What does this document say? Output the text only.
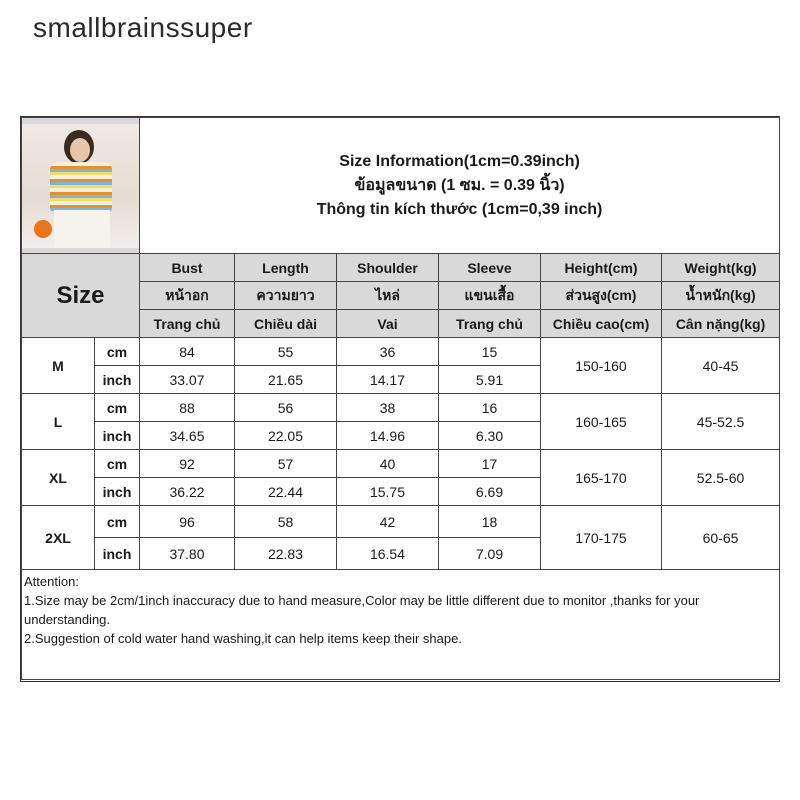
smallbrainssuper

		Size Information(1cm=0.39inch)
ข้อมูลขนาด (1 ซม. = 0.39 นิ้ว)
Thông tin kích thước (1cm=0,39 inch)					

Size		Bust	Length	Shoulder	Sleeve	Height(cm)	Weight(kg)
		หน้าอก	ความยาว	ไหล่	แขนเสื้อ	ส่วนสูง(cm)	น้ำหนัก(kg)
		Trang chủ	Chiều dài	Vai	Trang chủ	Chiều cao(cm)	Cân nặng(kg)
M	cm	84	55	36	15	150-160	40-45
	inch	33.07	21.65	14.17	5.91		
L	cm	88	56	38	16	160-165	45-52.5
	inch	34.65	22.05	14.96	6.30		
XL	cm	92	57	40	17	165-170	52.5-60
	inch	36.22	22.44	15.75	6.69		
2XL	cm	96	58	42	18	170-175	60-65
	inch	37.80	22.83	16.54	7.09		

Attention:
1.Size may be 2cm/1inch inaccuracy due to hand measure,Color may be little different due to monitor ,thanks for your understanding.
2.Suggestion of cold water hand washing,it can help items keep their shape.							
